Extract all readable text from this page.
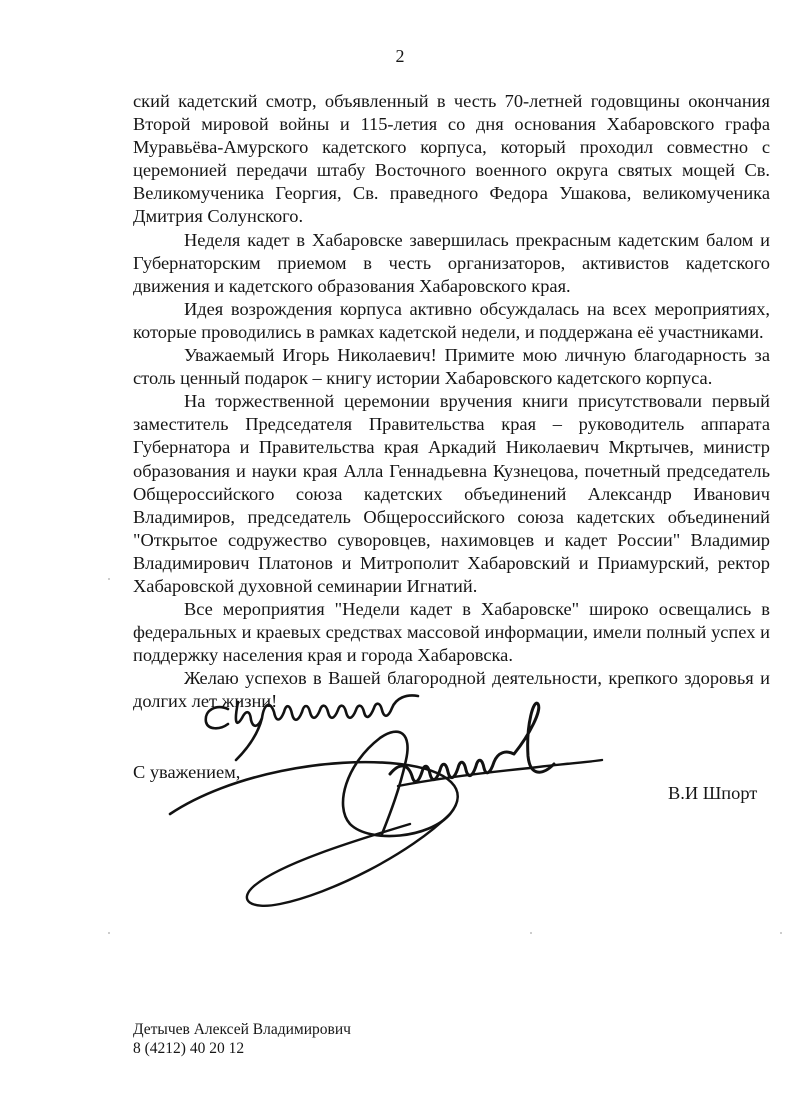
2

ский кадетский смотр, объявленный в честь 70-летней годовщины окончания Второй мировой войны и 115-летия со дня основания Хабаровского графа Муравьёва-Амурского кадетского корпуса, который проходил совместно с церемонией передачи штабу Восточного военного округа святых мощей Св. Великомученика Георгия, Св. праведного Федора Ушакова, великомученика Дмитрия Солунского.

Неделя кадет в Хабаровске завершилась прекрасным кадетским балом и Губернаторским приемом в честь организаторов, активистов кадетского движения и кадетского образования Хабаровского края.

Идея возрождения корпуса активно обсуждалась на всех мероприятиях, которые проводились в рамках кадетской недели, и поддержана её участниками.

Уважаемый Игорь Николаевич! Примите мою личную благодарность за столь ценный подарок – книгу истории Хабаровского кадетского корпуса.

На торжественной церемонии вручения книги присутствовали первый заместитель Председателя Правительства края – руководитель аппарата Губернатора и Правительства края Аркадий Николаевич Мкртычев, министр образования и науки края Алла Геннадьевна Кузнецова, почетный председатель Общероссийского союза кадетских объединений Александр Иванович Владимиров, председатель Общероссийского союза кадетских объединений "Открытое содружество суворовцев, нахимовцев и кадет России" Владимир Владимирович Платонов и Митрополит Хабаровский и Приамурский, ректор Хабаровской духовной семинарии Игнатий.

Все мероприятия "Недели кадет в Хабаровске" широко освещались в федеральных и краевых средствах массовой информации, имели полный успех и поддержку населения края и города Хабаровска.

Желаю успехов в Вашей благородной деятельности, крепкого здоровья и долгих лет жизни!

С уважением,
В.И Шпорт
Детычев Алексей Владимирович
8 (4212) 40 20 12
